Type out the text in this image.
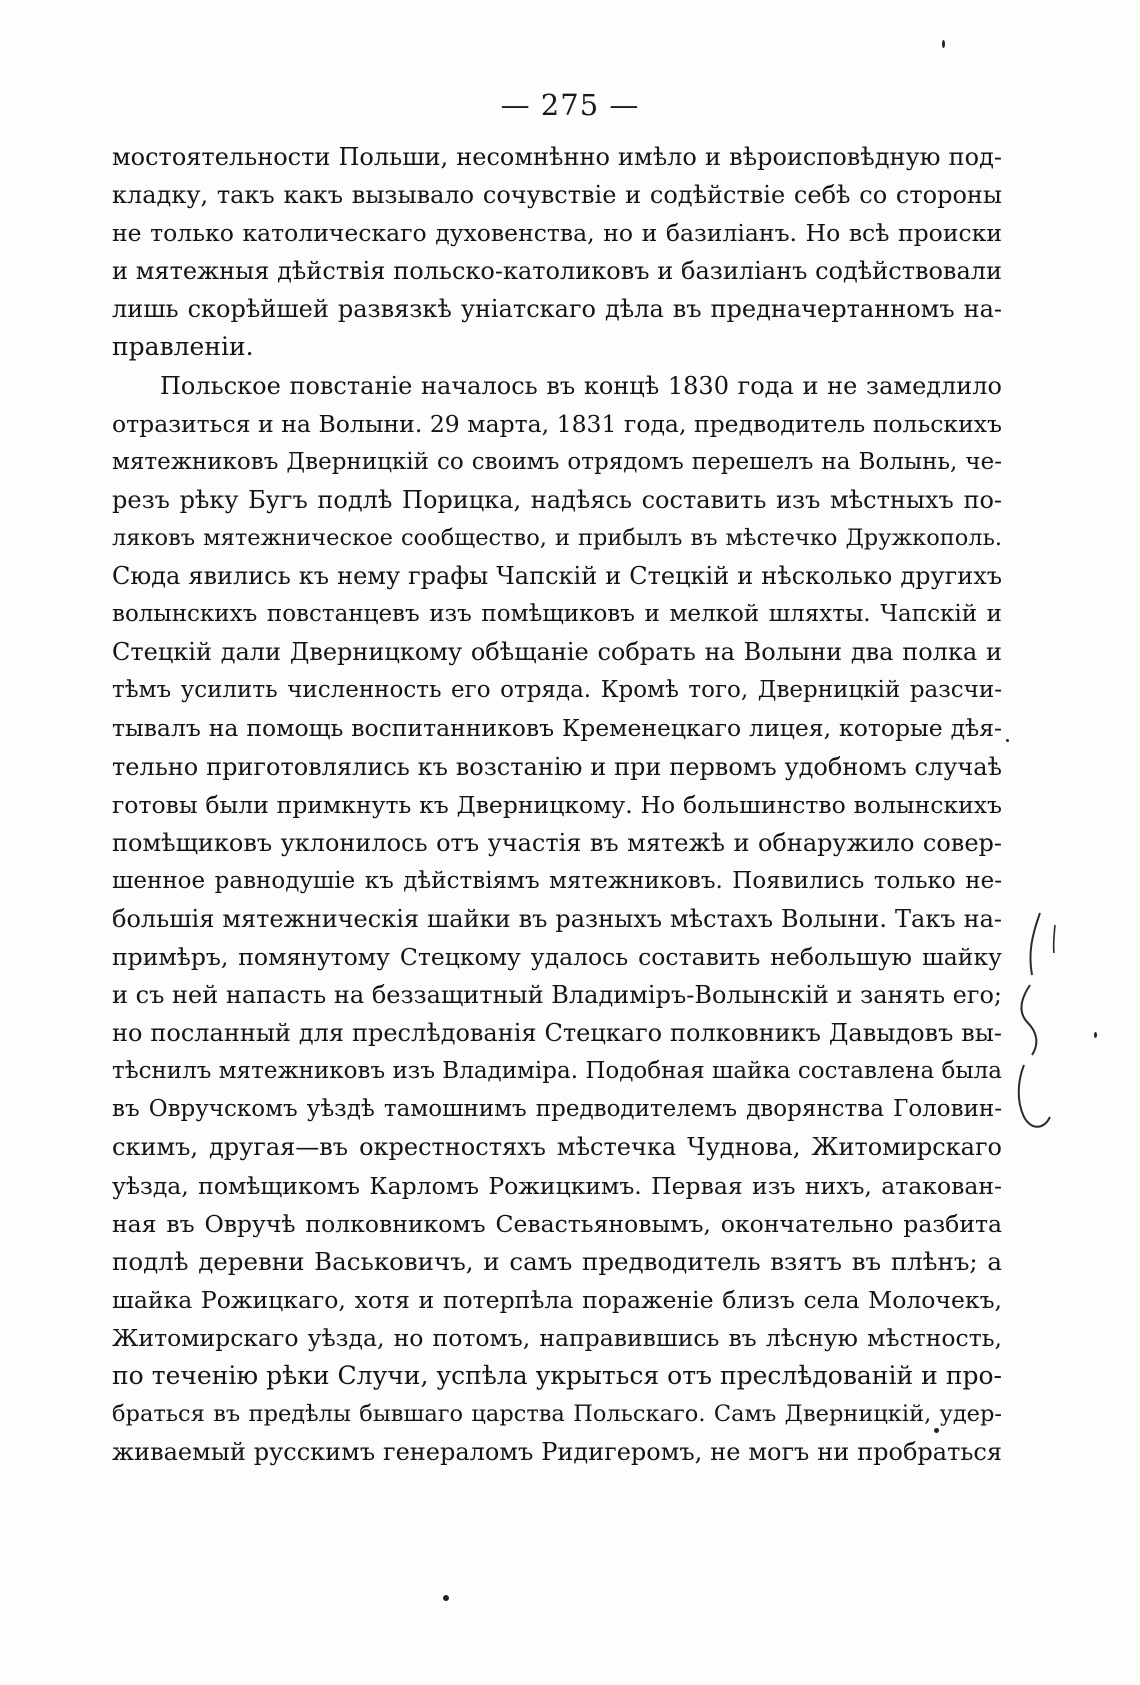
— 275 —
мостоятельности Польши, несомнѣнно имѣло и вѣроисповѣдную под-
кладку, такъ какъ вызывало сочувствіе и содѣйствіе себѣ со стороны
не только католическаго духовенства, но и базиліанъ. Но всѣ происки
и мятежныя дѣйствія польско-католиковъ и базиліанъ содѣйствовали
лишь скорѣйшей развязкѣ уніатскаго дѣла въ предначертанномъ на-
правленіи.
Польское повстаніе началось въ концѣ 1830 года и не замедлило
отразиться и на Волыни. 29 марта, 1831 года, предводитель польскихъ
мятежниковъ Дверницкій со своимъ отрядомъ перешелъ на Волынь, че-
резъ рѣку Бугъ подлѣ Порицка, надѣясь составить изъ мѣстныхъ по-
ляковъ мятежническое сообщество, и прибылъ въ мѣстечко Дружкополь.
Сюда явились къ нему графы Чапскій и Стецкій и нѣсколько другихъ
волынскихъ повстанцевъ изъ помѣщиковъ и мелкой шляхты. Чапскій и
Стецкій дали Дверницкому обѣщаніе собрать на Волыни два полка и
тѣмъ усилить численность его отряда. Кромѣ того, Дверницкій разсчи-
тывалъ на помощь воспитанниковъ Кременецкаго лицея, которые дѣя-
тельно приготовлялись къ возстанію и при первомъ удобномъ случаѣ
готовы были примкнуть къ Дверницкому. Но большинство волынскихъ
помѣщиковъ уклонилось отъ участія въ мятежѣ и обнаружило совер-
шенное равнодушіе къ дѣйствіямъ мятежниковъ. Появились только не-
большія мятежническія шайки въ разныхъ мѣстахъ Волыни. Такъ на-
примѣръ, помянутому Стецкому удалось составить небольшую шайку
и съ ней напасть на беззащитный Владиміръ-Волынскій и занять его;
но посланный для преслѣдованія Стецкаго полковникъ Давыдовъ вы-
тѣснилъ мятежниковъ изъ Владиміра. Подобная шайка составлена была
въ Овручскомъ уѣздѣ тамошнимъ предводителемъ дворянства Головин-
скимъ, другая—въ окрестностяхъ мѣстечка Чуднова, Житомирскаго
уѣзда, помѣщикомъ Карломъ Рожицкимъ. Первая изъ нихъ, атакован-
ная въ Овручѣ полковникомъ Севастьяновымъ, окончательно разбита
подлѣ деревни Васьковичъ, и самъ предводитель взятъ въ плѣнъ; а
шайка Рожицкаго, хотя и потерпѣла пораженіе близъ села Молочекъ,
Житомирскаго уѣзда, но потомъ, направившись въ лѣсную мѣстность,
по теченію рѣки Случи, успѣла укрыться отъ преслѣдованій и про-
браться въ предѣлы бывшаго царства Польскаго. Самъ Дверницкій, удер-
живаемый русскимъ генераломъ Ридигеромъ, не могъ ни пробраться
